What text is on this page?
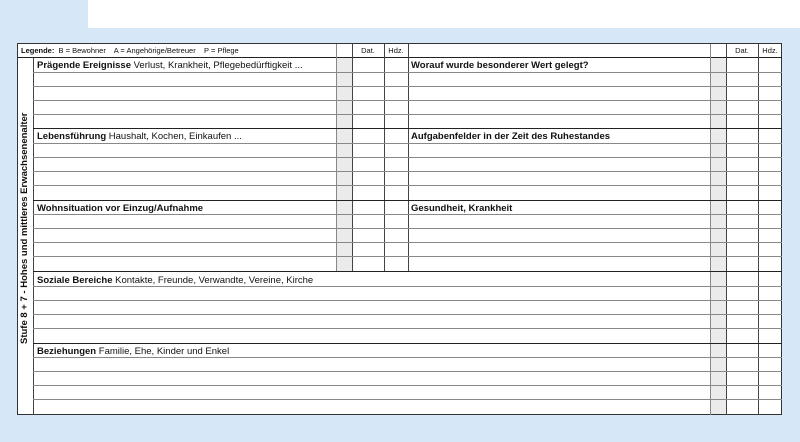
Legende: B = Bewohner    A = Angehörige/Betreuer    P = Pflege	Dat.	Hdz.	Dat.	Hdz.
Prägende Ereignisse Verlust, Krankheit, Pflegebedürftigkeit ...	Worauf wurde besonderer Wert gelegt?
Lebensführung Haushalt, Kochen, Einkaufen ...	Aufgabenfelder in der Zeit des Ruhestandes
Wohnsituation vor Einzug/Aufnahme	Gesundheit, Krankheit
Soziale Bereiche Kontakte, Freunde, Verwandte, Vereine, Kirche
Beziehungen Familie, Ehe, Kinder und Enkel
Stufe 8 + 7 - Hohes und mittleres Erwachsenenalter
